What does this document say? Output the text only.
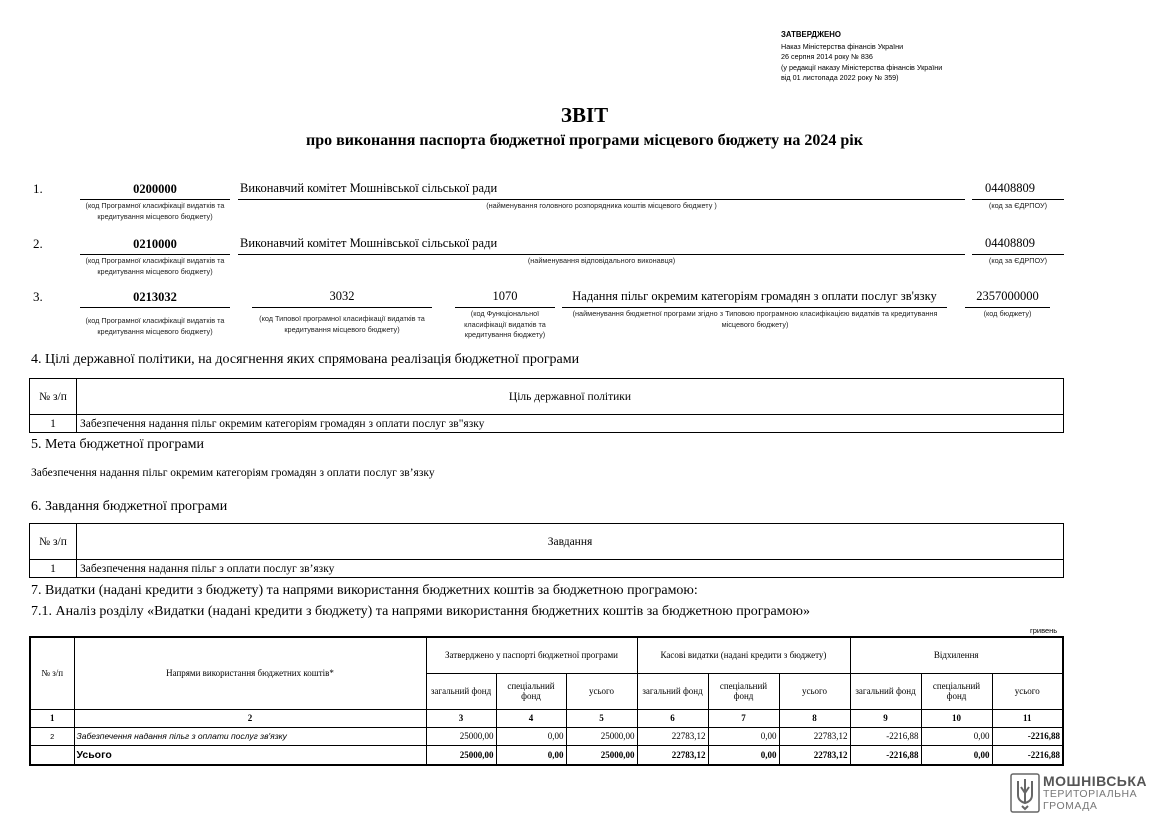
ЗАТВЕРДЖЕНО
Наказ Міністерства фінансів України
26 серпня 2014 року № 836
(у редакції наказу Міністерства фінансів України
від 01 листопада 2022 року № 359)
ЗВІТ
про виконання паспорта бюджетної програми місцевого бюджету на 2024 рік
1.	0200000	Виконавчий комітет Мошнівської сільської ради	04408809
(код Програмної класифікації видатків та кредитування місцевого бюджету)
(найменування головного розпорядника коштів місцевого бюджету )	(код за ЄДРПОУ)
2.	0210000	Виконавчий комітет Мошнівської сільської ради	04408809
(код Програмної класифікації видатків та кредитування місцевого бюджету)
(найменування відповідального виконавця)	(код за ЄДРПОУ)
3.	0213032	3032	1070	Надання пільг окремим категоріям громадян з оплати послуг зв'язку	2357000000
(код Програмної класифікації видатків та кредитування місцевого бюджету)
(код Типової програмної класифікації видатків та кредитування місцевого бюджету)
(код Функціональної класифікації видатків та кредитування бюджету)
(найменування бюджетної програми згідно з Типовою програмною класифікацією видатків та кредитування місцевого бюджету)
(код бюджету)
4. Цілі державної політики, на досягнення яких спрямована реалізація бюджетної програми
№ з/п	Ціль державної політики
1	Забезпечення надання пільг окремим категоріям громадян з оплати послуг зв"язку
5. Мета бюджетної програми
Забезпечення надання пільг окремим категоріям громадян з оплати послуг зв’язку
6. Завдання бюджетної програми
№ з/п	Завдання
1	Забезпечення надання пільг з оплати послуг зв’язку
7. Видатки (надані кредити з бюджету) та напрями використання бюджетних коштів за бюджетною програмою:
7.1. Аналіз розділу «Видатки (надані кредити з бюджету) та напрями використання бюджетних коштів за бюджетною програмою»
гривень
№ з/п	Напрями використання бюджетних коштів*	Затверджено у паспорті бюджетної програми			Касові видатки (надані кредити з бюджету)			Відхилення		
		загальний фонд	спеціальний фонд	усього	загальний фонд	спеціальний фонд	усього	загальний фонд	спеціальний фонд	усього
1	2	3	4	5	6	7	8	9	10	11
2	Забезпечення надання пільг з оплати послуг зв'язку	25000,00	0,00	25000,00	22783,12	0,00	22783,12	-2216,88	0,00	-2216,88
	Усього	25000,00	0,00	25000,00	22783,12	0,00	22783,12	-2216,88	0,00	-2216,88
МОШНІВСЬКА
ТЕРИТОРІАЛЬНА
ГРОМАДА
